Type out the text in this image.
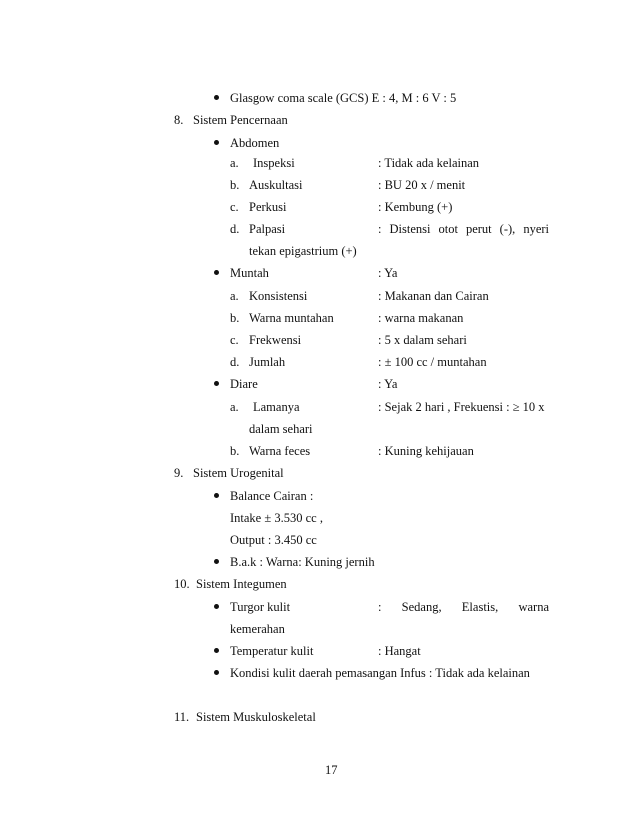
Glasgow coma scale (GCS) E : 4, M : 6 V : 5
8. Sistem Pencernaan
Abdomen
a. Inspeksi	: Tidak ada kelainan
b. Auskultasi	: BU 20 x / menit
c. Perkusi	: Kembung (+)
d. Palpasi	: Distensi otot perut (-), nyeri
tekan epigastrium (+)
Muntah	: Ya
a. Konsistensi	: Makanan dan Cairan
b. Warna muntahan	: warna makanan
c. Frekwensi	: 5 x dalam sehari
d. Jumlah	: ± 100 cc / muntahan
Diare	: Ya
a. Lamanya	: Sejak 2 hari , Frekuensi : ≥ 10 x
dalam sehari
b. Warna feces	: Kuning kehijauan
9. Sistem Urogenital
Balance Cairan :
Intake ± 3.530 cc ,
Output : 3.450 cc
B.a.k : Warna: Kuning jernih
10. Sistem Integumen
Turgor kulit	: Sedang, Elastis, warna
kemerahan
Temperatur kulit	: Hangat
Kondisi kulit daerah pemasangan Infus : Tidak ada kelainan
11. Sistem Muskuloskeletal
17
